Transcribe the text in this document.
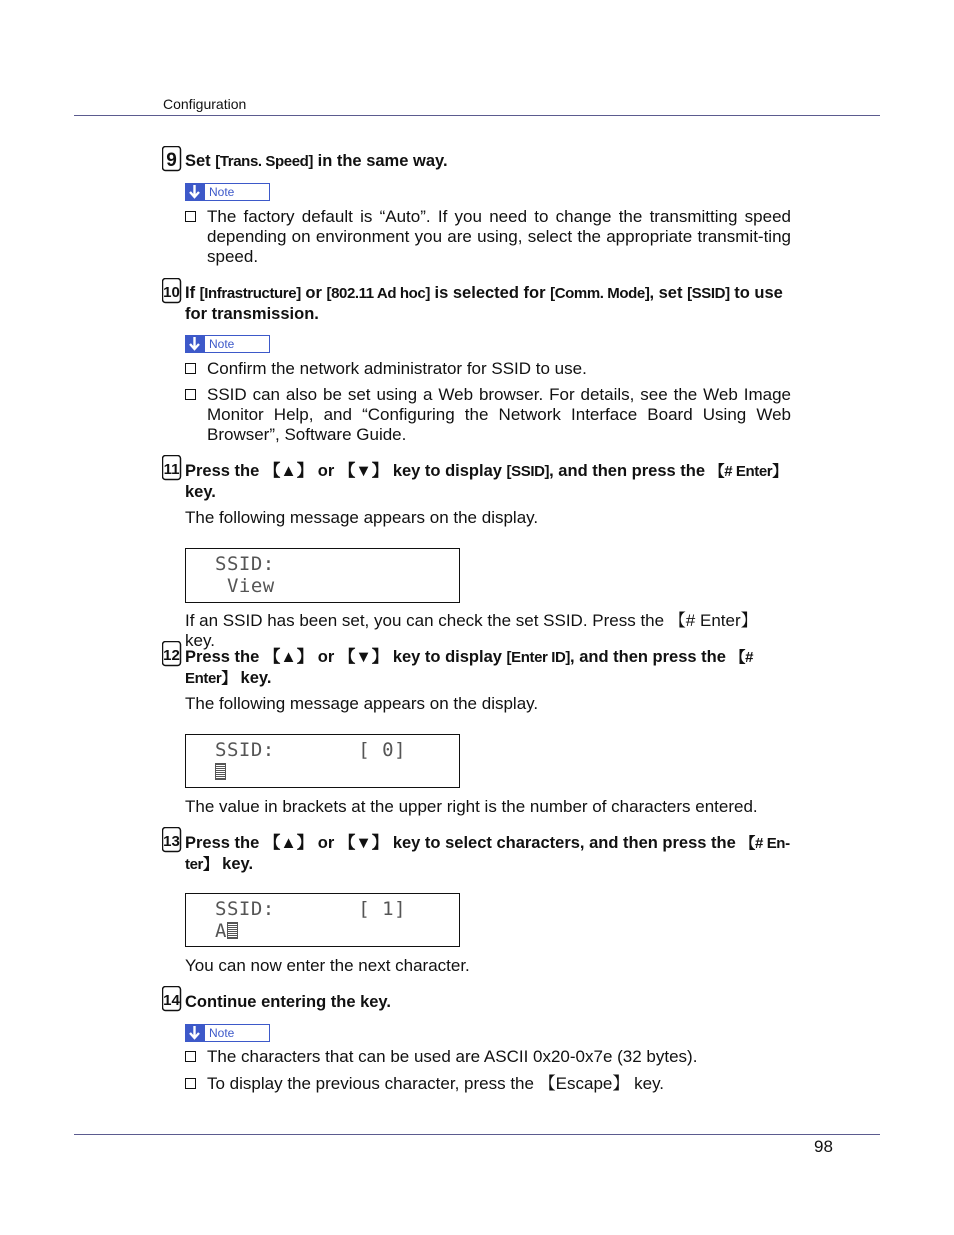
Configuration
9 Set [Trans. Speed] in the same way.
Note
The factory default is “Auto”. If you need to change the transmitting speed depending on environment you are using, select the appropriate transmit-ting speed.
10 If [Infrastructure] or [802.11 Ad hoc] is selected for [Comm. Mode], set [SSID] to use for transmission.
Note
Confirm the network administrator for SSID to use.
SSID can also be set using a Web browser. For details, see the Web Image Monitor Help, and “Configuring the Network Interface Board Using Web Browser”, Software Guide.
11 Press the 【▲】 or 【▼】 key to display [SSID], and then press the 【# Enter】 key.
The following message appears on the display.
SSID:
View
If an SSID has been set, you can check the set SSID. Press the 【# Enter】 key.
12 Press the 【▲】 or 【▼】 key to display [Enter ID], and then press the 【# Enter】 key.
The following message appears on the display.
SSID:       [ 0]
The value in brackets at the upper right is the number of characters entered.
13 Press the 【▲】 or 【▼】 key to select characters, and then press the 【# En-ter】 key.
SSID:       [ 1]
A
You can now enter the next character.
14 Continue entering the key.
Note
The characters that can be used are ASCII 0x20-0x7e (32 bytes).
To display the previous character, press the 【Escape】 key.
98
